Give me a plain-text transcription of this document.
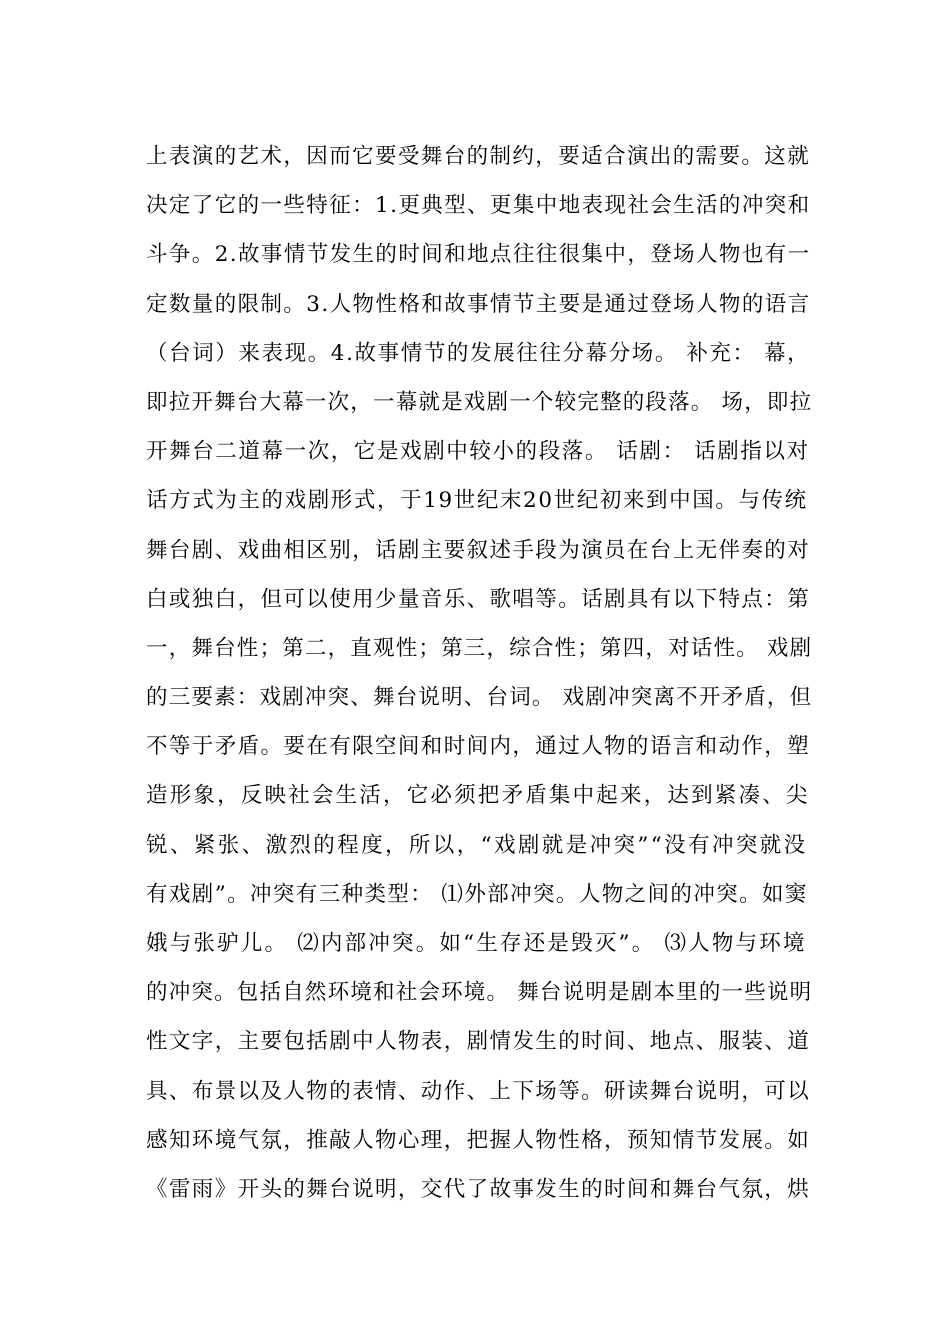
上表演的艺术，因而它要受舞台的制约，要适合演出的需要。这就
决定了它的一些特征：1.更典型、更集中地表现社会生活的冲突和
斗争。2.故事情节发生的时间和地点往往很集中，登场人物也有一
定数量的限制。3.人物性格和故事情节主要是通过登场人物的语言
（台词）来表现。4.故事情节的发展往往分幕分场。 补充： 幕，
即拉开舞台大幕一次，一幕就是戏剧一个较完整的段落。 场，即拉
开舞台二道幕一次，它是戏剧中较小的段落。 话剧： 话剧指以对
话方式为主的戏剧形式，于19世纪末20世纪初来到中国。与传统
舞台剧、戏曲相区别，话剧主要叙述手段为演员在台上无伴奏的对
白或独白，但可以使用少量音乐、歌唱等。话剧具有以下特点：第
一，舞台性；第二，直观性；第三，综合性；第四，对话性。 戏剧
的三要素：戏剧冲突、舞台说明、台词。 戏剧冲突离不开矛盾，但
不等于矛盾。要在有限空间和时间内，通过人物的语言和动作，塑
造形象，反映社会生活，它必须把矛盾集中起来，达到紧凑、尖
锐、紧张、激烈的程度，所以，“戏剧就是冲突”“没有冲突就没
有戏剧”。冲突有三种类型： ⑴外部冲突。人物之间的冲突。如窦
娥与张驴儿。 ⑵内部冲突。如“生存还是毁灭”。 ⑶人物与环境
的冲突。包括自然环境和社会环境。 舞台说明是剧本里的一些说明
性文字，主要包括剧中人物表，剧情发生的时间、地点、服装、道
具、布景以及人物的表情、动作、上下场等。研读舞台说明，可以
感知环境气氛，推敲人物心理，把握人物性格，预知情节发展。如
《雷雨》开头的舞台说明，交代了故事发生的时间和舞台气氛，烘
